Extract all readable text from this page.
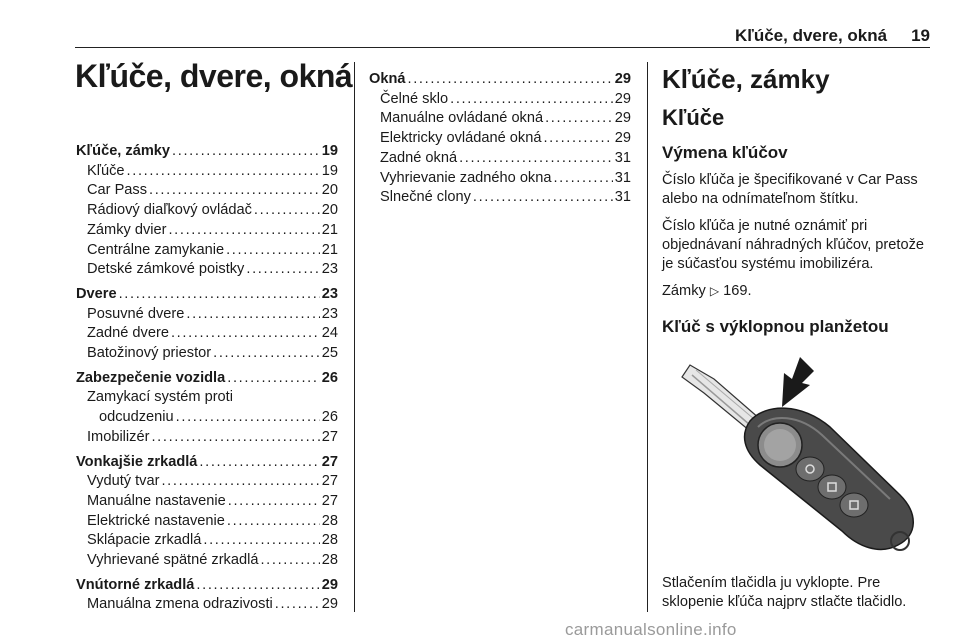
Kľúče, dvere, okná 19
Kľúče, dvere, okná
Kľúče, zámky . . .	19
Kľúče . . .	19
Car Pass . . .	20
Rádiový diaľkový ovládač . . .	20
Zámky dvier . . .	21
Centrálne zamykanie . . .	21
Detské zámkové poistky . . .	23
Dvere . . .	23
Posuvné dvere . . .	23
Zadné dvere . . .	24
Batožinový priestor . . .	25
Zabezpečenie vozidla . . .	26
Zamykací systém proti
odcudzeniu . . .	26
Imobilizér . . .	27
Vonkajšie zrkadlá . . .	27
Vydutý tvar . . .	27
Manuálne nastavenie . . .	27
Elektrické nastavenie . . .	28
Sklápacie zrkadlá . . .	28
Vyhrievané spätné zrkadlá . . .	28
Vnútorné zrkadlá . . .	29
Manuálna zmena odrazivosti . . .	29
Okná . . .	29
Čelné sklo . . .	29
Manuálne ovládané okná . . .	29
Elektricky ovládané okná . . .	29
Zadné okná . . .	31
Vyhrievanie zadného okna . . .	31
Slnečné clony . . .	31
Kľúče, zámky
Kľúče
Výmena kľúčov

Číslo kľúča je špecifikované v Car Pass alebo na odnímateľnom štítku.

Číslo kľúča je nutné oznámiť pri objednávaní náhradných kľúčov, pretože je súčasťou systému imobilizéra.

Zámky ▷ 169.

Kľúč s výklopnou planžetou

Stlačením tlačidla ju vyklopte. Pre sklopenie kľúča najprv stlačte tlačidlo.

carmanualsonline.info
